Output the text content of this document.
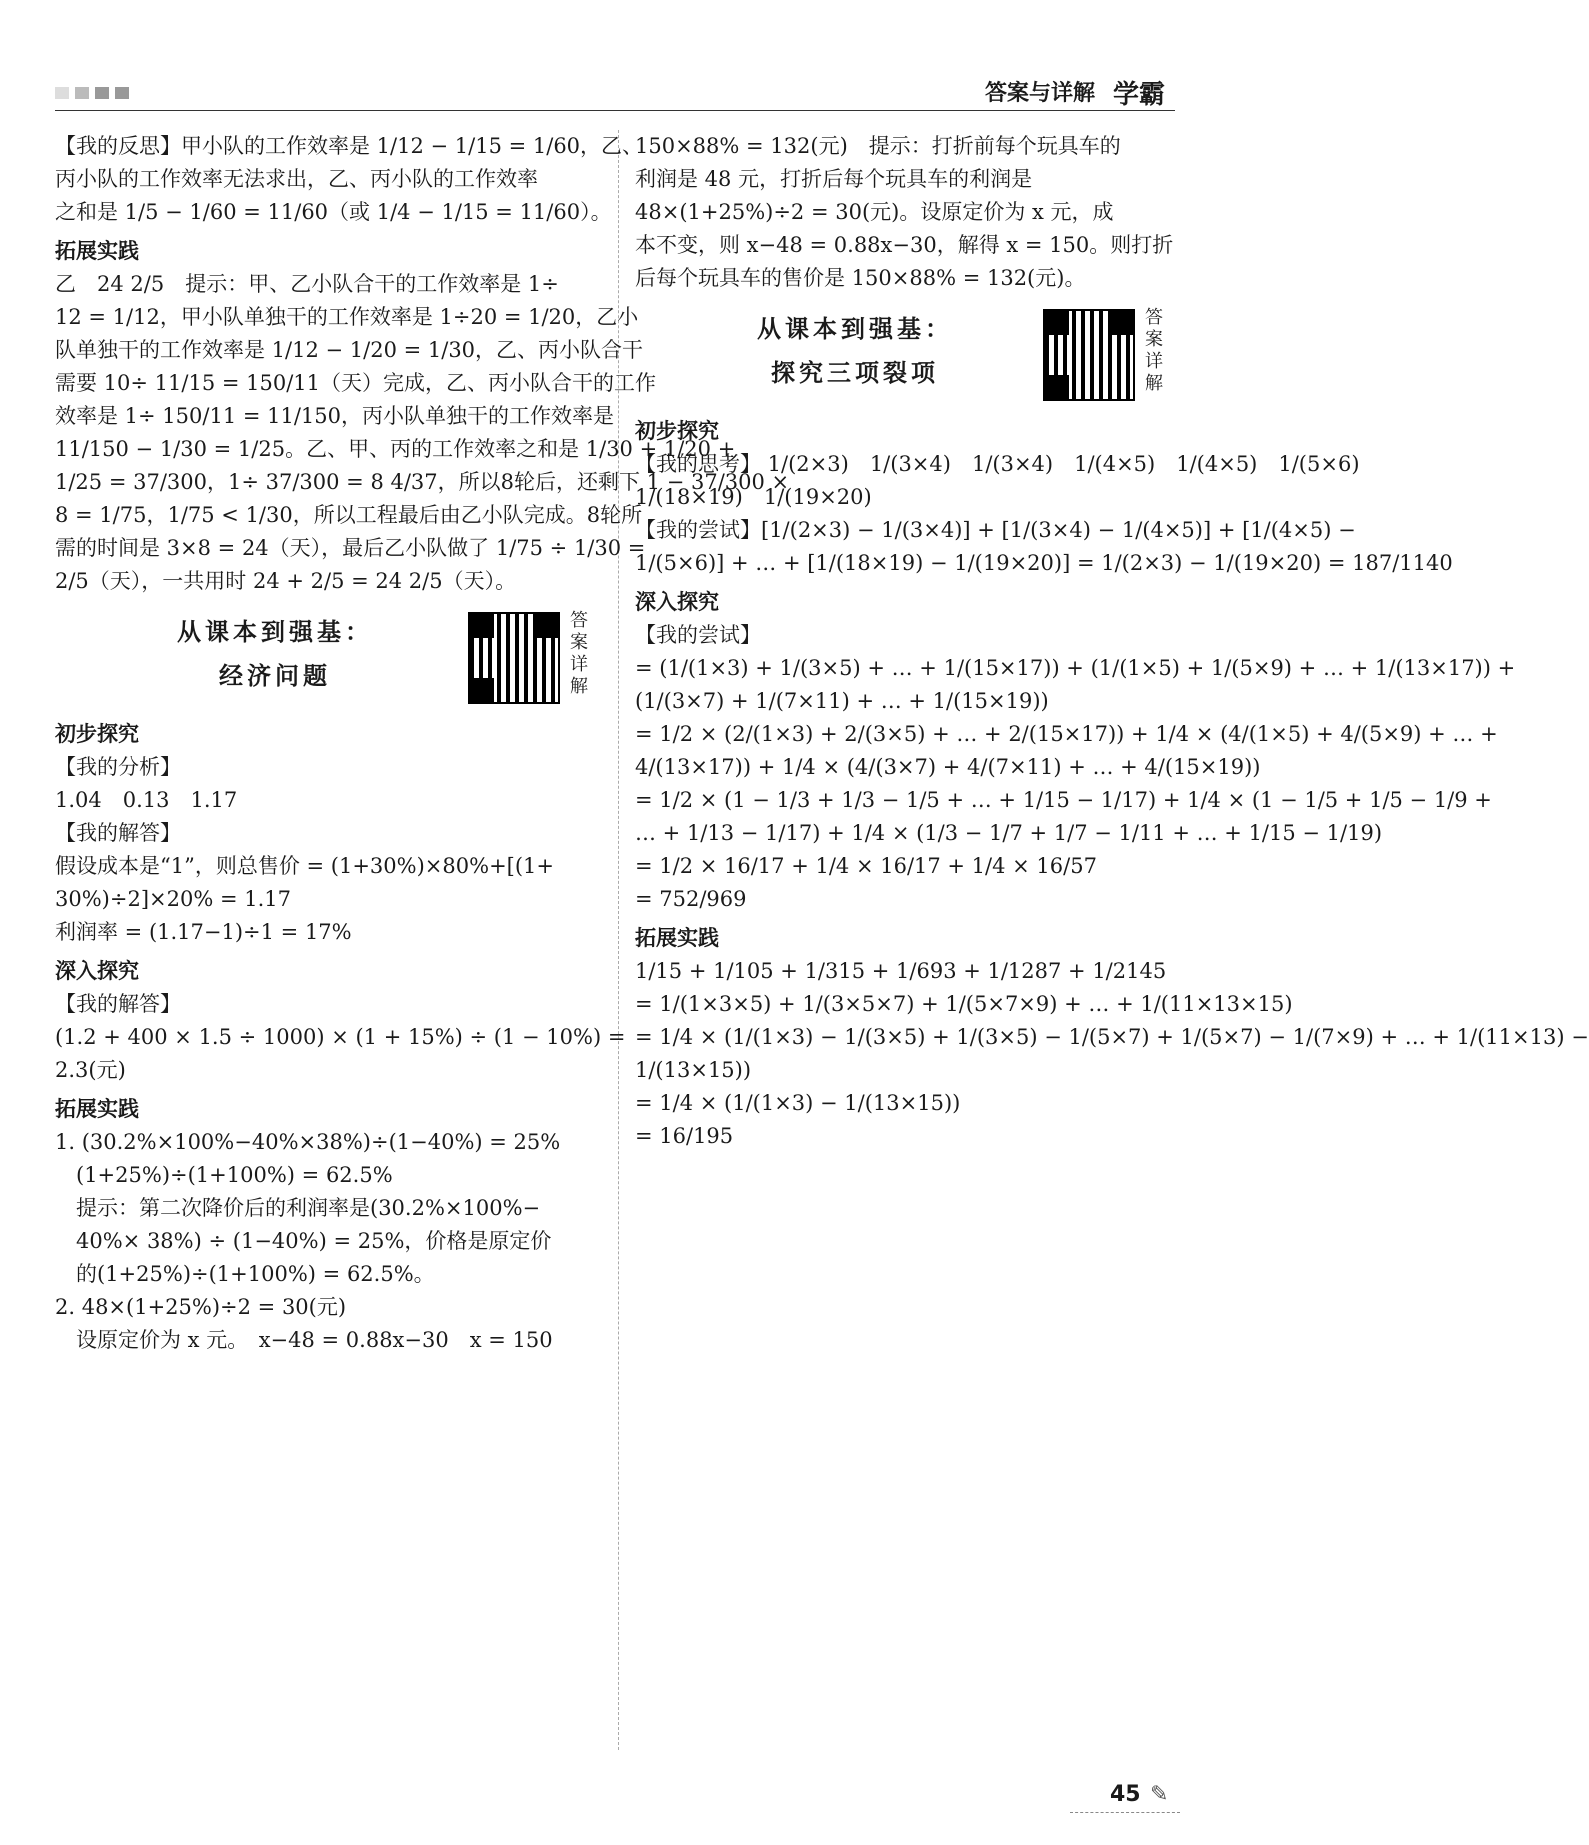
答案与详解 学霸
【我的反思】甲小队的工作效率是 1/12 − 1/15 = 1/60，乙、
丙小队的工作效率无法求出，乙、丙小队的工作效率
之和是 1/5 − 1/60 = 11/60（或 1/4 − 1/15 = 11/60）。
拓展实践
乙　24 2/5　提示：甲、乙小队合干的工作效率是 1÷
12 = 1/12，甲小队单独干的工作效率是 1÷20 = 1/20，乙小
队单独干的工作效率是 1/12 − 1/20 = 1/30，乙、丙小队合干
需要 10÷ 11/15 = 150/11（天）完成，乙、丙小队合干的工作
效率是 1÷ 150/11 = 11/150，丙小队单独干的工作效率是
11/150 − 1/30 = 1/25。乙、甲、丙的工作效率之和是 1/30 + 1/20 +
1/25 = 37/300，1÷ 37/300 = 8 4/37，所以8轮后，还剩下 1 − 37/300 ×
8 = 1/75，1/75 < 1/30，所以工程最后由乙小队完成。8轮所
需的时间是 3×8 = 24（天），最后乙小队做了 1/75 ÷ 1/30 =
2/5（天），一共用时 24 + 2/5 = 24 2/5（天）。
从课本到强基：
经济问题
答案详解
初步探究
【我的分析】
1.04　0.13　1.17
【我的解答】
假设成本是“1”，则总售价 = (1+30%)×80%+[(1+
30%)÷2]×20% = 1.17
利润率 = (1.17−1)÷1 = 17%
深入探究
【我的解答】
(1.2 + 400 × 1.5 ÷ 1000) × (1 + 15%) ÷ (1 − 10%) =
2.3(元)
拓展实践
1. (30.2%×100%−40%×38%)÷(1−40%) = 25%
　(1+25%)÷(1+100%) = 62.5%
　提示：第二次降价后的利润率是(30.2%×100%−
　40%× 38%) ÷ (1−40%) = 25%，价格是原定价
　的(1+25%)÷(1+100%) = 62.5%。
2. 48×(1+25%)÷2 = 30(元)
　设原定价为 x 元。　x−48 = 0.88x−30　x = 150
150×88% = 132(元)　提示：打折前每个玩具车的
利润是 48 元，打折后每个玩具车的利润是
48×(1+25%)÷2 = 30(元)。设原定价为 x 元，成
本不变，则 x−48 = 0.88x−30，解得 x = 150。则打折
后每个玩具车的售价是 150×88% = 132(元)。
从课本到强基：
探究三项裂项
答案详解
初步探究
【我的思考】 1/(2×3)　1/(3×4)　1/(3×4)　1/(4×5)　1/(4×5)　1/(5×6)
1/(18×19)　1/(19×20)
【我的尝试】[1/(2×3) − 1/(3×4)] + [1/(3×4) − 1/(4×5)] + [1/(4×5) −
1/(5×6)] + … + [1/(18×19) − 1/(19×20)] = 1/(2×3) − 1/(19×20) = 187/1140
深入探究
【我的尝试】
= (1/(1×3) + 1/(3×5) + … + 1/(15×17)) + (1/(1×5) + 1/(5×9) + … + 1/(13×17)) +
(1/(3×7) + 1/(7×11) + … + 1/(15×19))
= 1/2 × (2/(1×3) + 2/(3×5) + … + 2/(15×17)) + 1/4 × (4/(1×5) + 4/(5×9) + … +
4/(13×17)) + 1/4 × (4/(3×7) + 4/(7×11) + … + 4/(15×19))
= 1/2 × (1 − 1/3 + 1/3 − 1/5 + … + 1/15 − 1/17) + 1/4 × (1 − 1/5 + 1/5 − 1/9 +
… + 1/13 − 1/17) + 1/4 × (1/3 − 1/7 + 1/7 − 1/11 + … + 1/15 − 1/19)
= 1/2 × 16/17 + 1/4 × 16/17 + 1/4 × 16/57
= 752/969
拓展实践
1/15 + 1/105 + 1/315 + 1/693 + 1/1287 + 1/2145
= 1/(1×3×5) + 1/(3×5×7) + 1/(5×7×9) + … + 1/(11×13×15)
= 1/4 × (1/(1×3) − 1/(3×5) + 1/(3×5) − 1/(5×7) + 1/(5×7) − 1/(7×9) + … + 1/(11×13) −
1/(13×15))
= 1/4 × (1/(1×3) − 1/(13×15))
= 16/195
45 ✎
